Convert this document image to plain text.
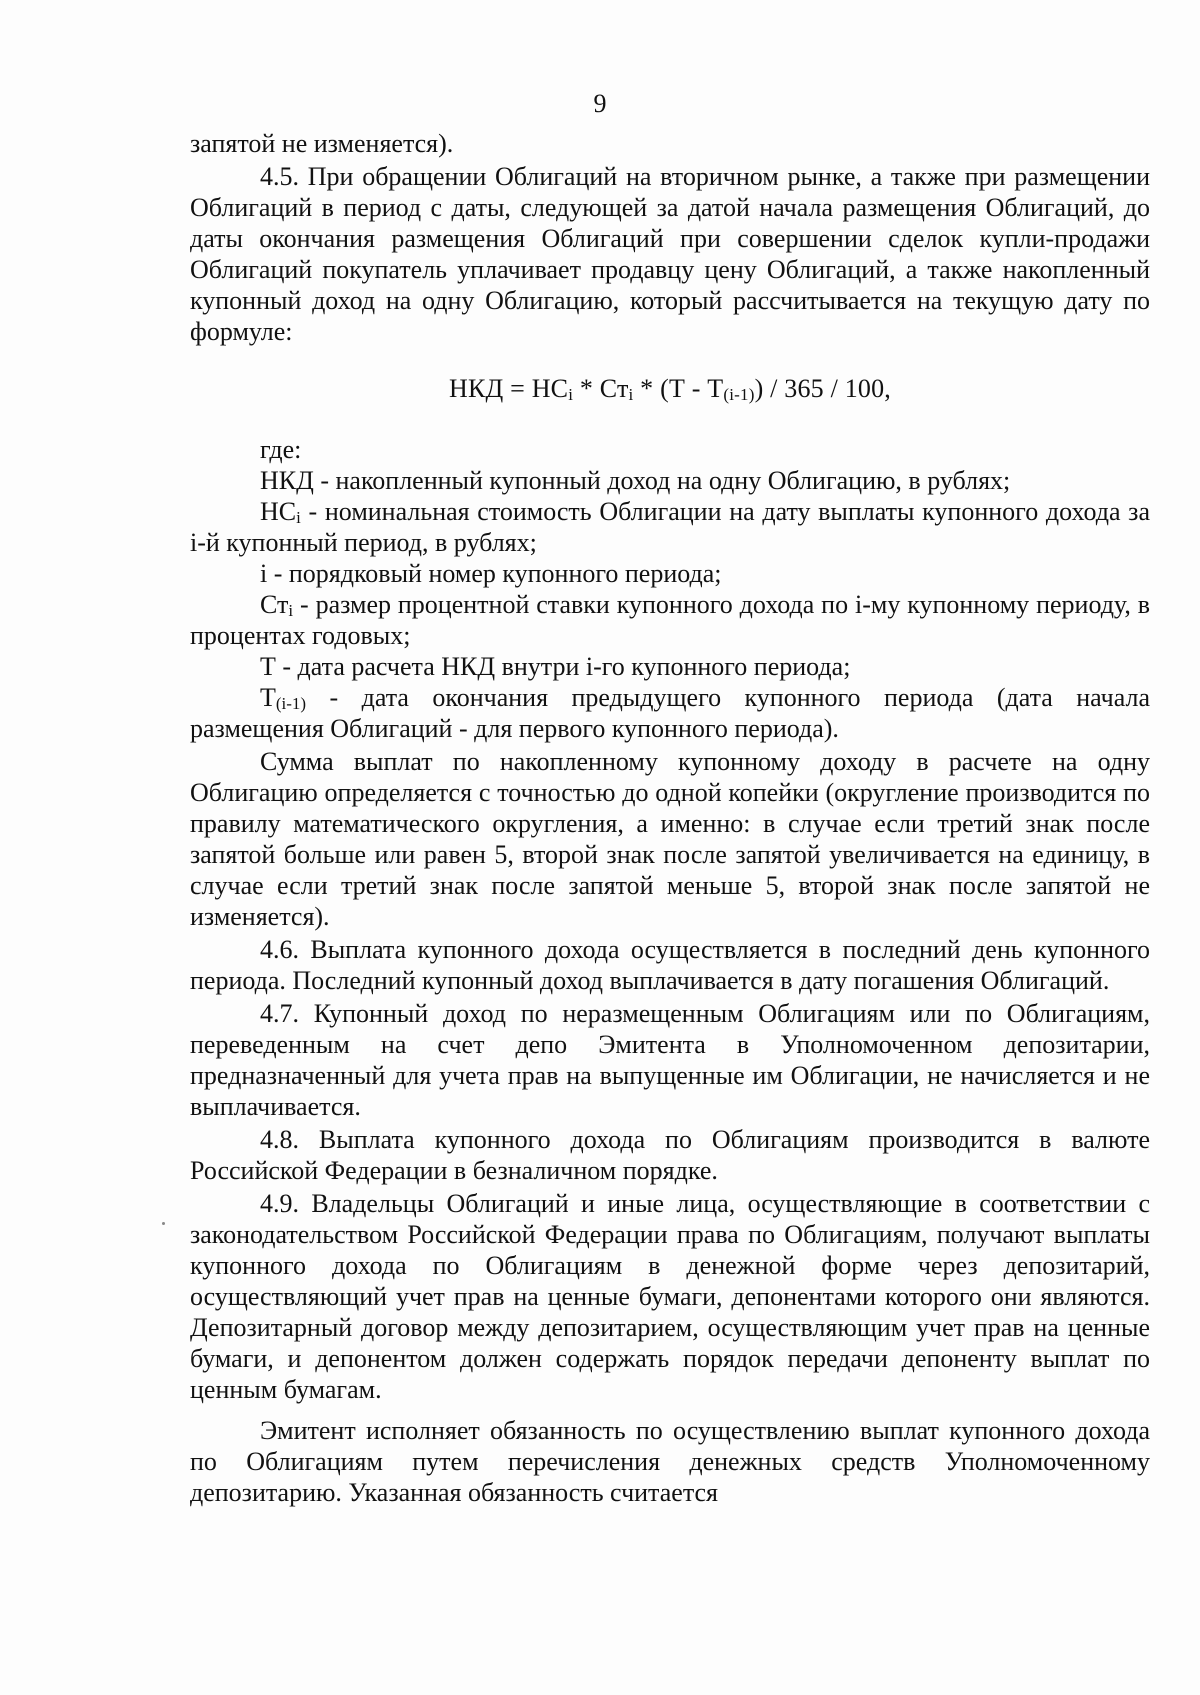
9

запятой не изменяется).

4.5. При обращении Облигаций на вторичном рынке, а также при размещении Облигаций в период с даты, следующей за датой начала размещения Облигаций, до даты окончания размещения Облигаций при совершении сделок купли-продажи Облигаций покупатель уплачивает продавцу цену Облигаций, а также накопленный купонный доход на одну Облигацию, который рассчитывается на текущую дату по формуле:

НКД = $НС_i * Ст_i * (Т - Т_{(i-1)}) / 365 / 100$,

где:

НКД - накопленный купонный доход на одну Облигацию, в рублях;

$НС_i$ - номинальная стоимость Облигации на дату выплаты купонного дохода за i-й купонный период, в рублях;

i - порядковый номер купонного периода;

$Ст_i$ - размер процентной ставки купонного дохода по i-му купонному периоду, в процентах годовых;

Т - дата расчета НКД внутри i-го купонного периода;

$Т_{(i-1)}$ - дата окончания предыдущего купонного периода (дата начала размещения Облигаций - для первого купонного периода).

Сумма выплат по накопленному купонному доходу в расчете на одну Облигацию определяется с точностью до одной копейки (округление производится по правилу математического округления, а именно: в случае если третий знак после запятой больше или равен 5, второй знак после запятой увеличивается на единицу, в случае если третий знак после запятой меньше 5, второй знак после запятой не изменяется).

4.6. Выплата купонного дохода осуществляется в последний день купонного периода. Последний купонный доход выплачивается в дату погашения Облигаций.

4.7. Купонный доход по неразмещенным Облигациям или по Облигациям, переведенным на счет депо Эмитента в Уполномоченном депозитарии, предназначенный для учета прав на выпущенные им Облигации, не начисляется и не выплачивается.

4.8. Выплата купонного дохода по Облигациям производится в валюте Российской Федерации в безналичном порядке.

4.9. Владельцы Облигаций и иные лица, осуществляющие в соответствии с законодательством Российской Федерации права по Облигациям, получают выплаты купонного дохода по Облигациям в денежной форме через депозитарий, осуществляющий учет прав на ценные бумаги, депонентами которого они являются. Депозитарный договор между депозитарием, осуществляющим учет прав на ценные бумаги, и депонентом должен содержать порядок передачи депоненту выплат по ценным бумагам.

Эмитент исполняет обязанность по осуществлению выплат купонного дохода по Облигациям путем перечисления денежных средств Уполномоченному депозитарию. Указанная обязанность считается
